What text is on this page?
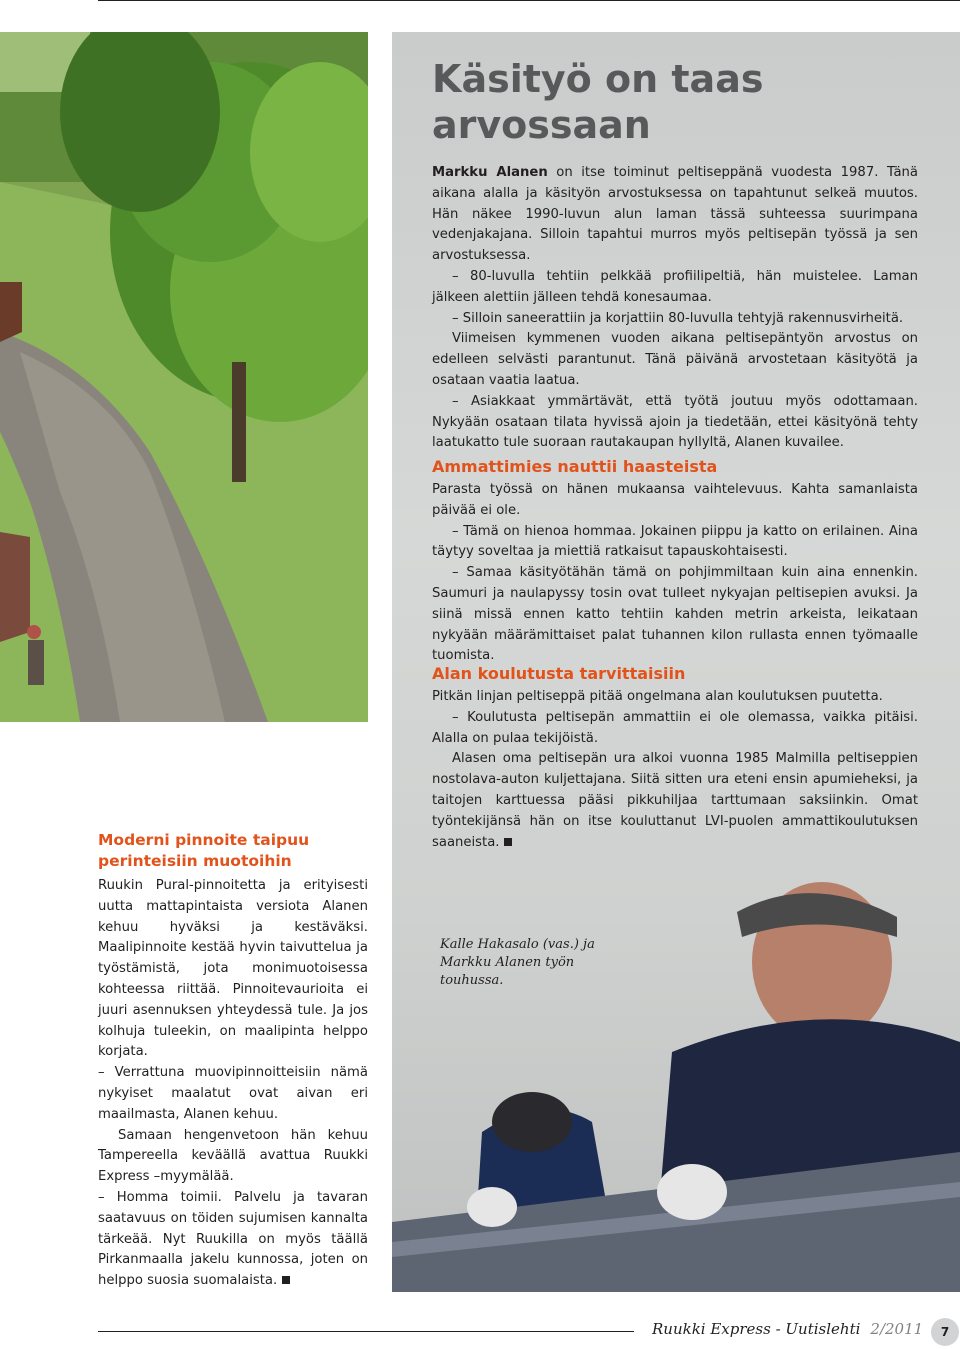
Käsityö on taas arvossaan

Markku Alanen on itse toiminut peltiseppänä vuodesta 1987. Tänä aikana alalla ja käsityön arvostuksessa on tapahtunut selkeä muutos. Hän näkee 1990-luvun alun laman tässä suhteessa suurimpana vedenjakajana. Silloin tapahtui murros myös peltisepän työssä ja sen arvostuksessa.

– 80-luvulla tehtiin pelkkää profiilipeltiä, hän muistelee. Laman jälkeen alettiin jälleen tehdä konesaumaa.

– Silloin saneerattiin ja korjattiin 80-luvulla tehtyjä rakennusvirheitä.

Viimeisen kymmenen vuoden aikana peltisepäntyön arvostus on edelleen selvästi parantunut. Tänä päivänä arvostetaan käsityötä ja osataan vaatia laatua.

– Asiakkaat ymmärtävät, että työtä joutuu myös odottamaan. Nykyään osataan tilata hyvissä ajoin ja tiedetään, ettei käsityönä tehty laatukatto tule suoraan rautakaupan hyllyltä, Alanen kuvailee.

Ammattimies nauttii haasteista

Parasta työssä on hänen mukaansa vaihtelevuus. Kahta samanlaista päivää ei ole.

– Tämä on hienoa hommaa. Jokainen piippu ja katto on erilainen. Aina täytyy soveltaa ja miettiä ratkaisut tapauskohtaisesti.

– Samaa käsityötähän tämä on pohjimmiltaan kuin aina ennenkin. Saumuri ja naulapyssy tosin ovat tulleet nykyajan peltisepien avuksi. Ja siinä missä ennen katto tehtiin kahden metrin arkeista, leikataan nykyään määrämittaiset palat tuhannen kilon rullasta ennen työmaalle tuomista.

Alan koulutusta tarvittaisiin

Pitkän linjan peltiseppä pitää ongelmana alan koulutuksen puutetta.

– Koulutusta peltisepän ammattiin ei ole olemassa, vaikka pitäisi. Alalla on pulaa tekijöistä.

Alasen oma peltisepän ura alkoi vuonna 1985 Malmilla peltiseppien nostolava-auton kuljettajana. Siitä sitten ura eteni ensin apumieheksi, ja taitojen karttuessa pääsi pikkuhiljaa tarttumaan saksiinkin. Omat työntekijänsä hän on itse kouluttanut LVI-puolen ammattikoulutuksen saaneista.

Moderni pinnoite taipuu perinteisiin muotoihin

Ruukin Pural-pinnoitetta ja erityisesti uutta mattapintaista versiota Alanen kehuu hyväksi ja kestäväksi. Maalipinnoite kestää hyvin taivuttelua ja työstämistä, jota monimuotoisessa kohteessa riittää. Pinnoitevaurioita ei juuri asennuksen yhteydessä tule. Ja jos kolhuja tuleekin, on maalipinta helppo korjata.

– Verrattuna muovipinnoitteisiin nämä nykyiset maalatut ovat aivan eri maailmasta, Alanen kehuu.

Samaan hengenvetoon hän kehuu Tampereella keväällä avattua Ruukki Express –myymälää.

– Homma toimii. Palvelu ja tavaran saatavuus on töiden sujumisen kannalta tärkeää. Nyt Ruukilla on myös täällä Pirkanmaalla jakelu kunnossa, joten on helppo suosia suomalaista.

Kalle Hakasalo (vas.) ja Markku Alanen työn touhussa.

Ruukki Express - Uutislehti 2/2011	7
